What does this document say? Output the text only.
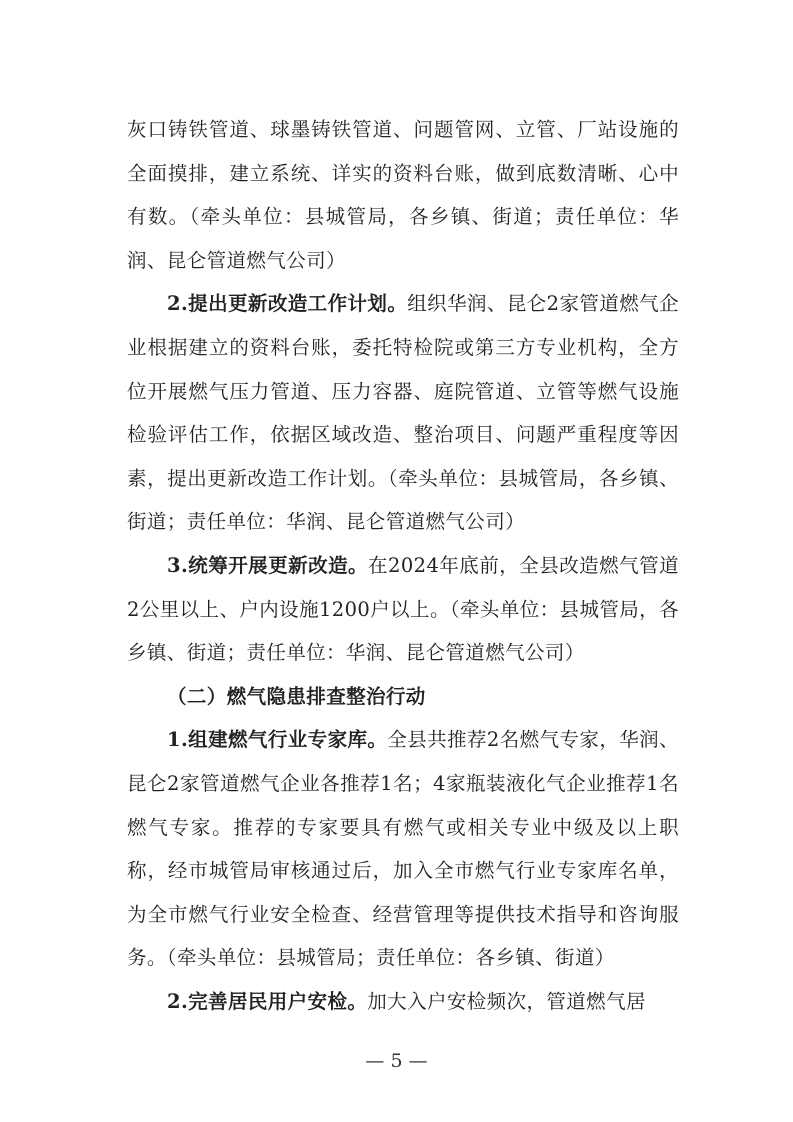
灰口铸铁管道、球墨铸铁管道、问题管网、立管、厂站设施的全面摸排，建立系统、详实的资料台账，做到底数清晰、心中有数。（牵头单位：县城管局，各乡镇、街道；责任单位：华润、昆仑管道燃气公司）

2.提出更新改造工作计划。组织华润、昆仑2家管道燃气企业根据建立的资料台账，委托特检院或第三方专业机构，全方位开展燃气压力管道、压力容器、庭院管道、立管等燃气设施检验评估工作，依据区域改造、整治项目、问题严重程度等因素，提出更新改造工作计划。（牵头单位：县城管局，各乡镇、街道；责任单位：华润、昆仑管道燃气公司）

3.统筹开展更新改造。在2024年底前，全县改造燃气管道2公里以上、户内设施1200户以上。（牵头单位：县城管局，各乡镇、街道；责任单位：华润、昆仑管道燃气公司）

（二）燃气隐患排查整治行动

1.组建燃气行业专家库。全县共推荐2名燃气专家，华润、昆仑2家管道燃气企业各推荐1名；4家瓶装液化气企业推荐1名燃气专家。推荐的专家要具有燃气或相关专业中级及以上职称，经市城管局审核通过后，加入全市燃气行业专家库名单，为全市燃气行业安全检查、经营管理等提供技术指导和咨询服务。（牵头单位：县城管局；责任单位：各乡镇、街道）

2.完善居民用户安检。加大入户安检频次，管道燃气居

— 5 —
